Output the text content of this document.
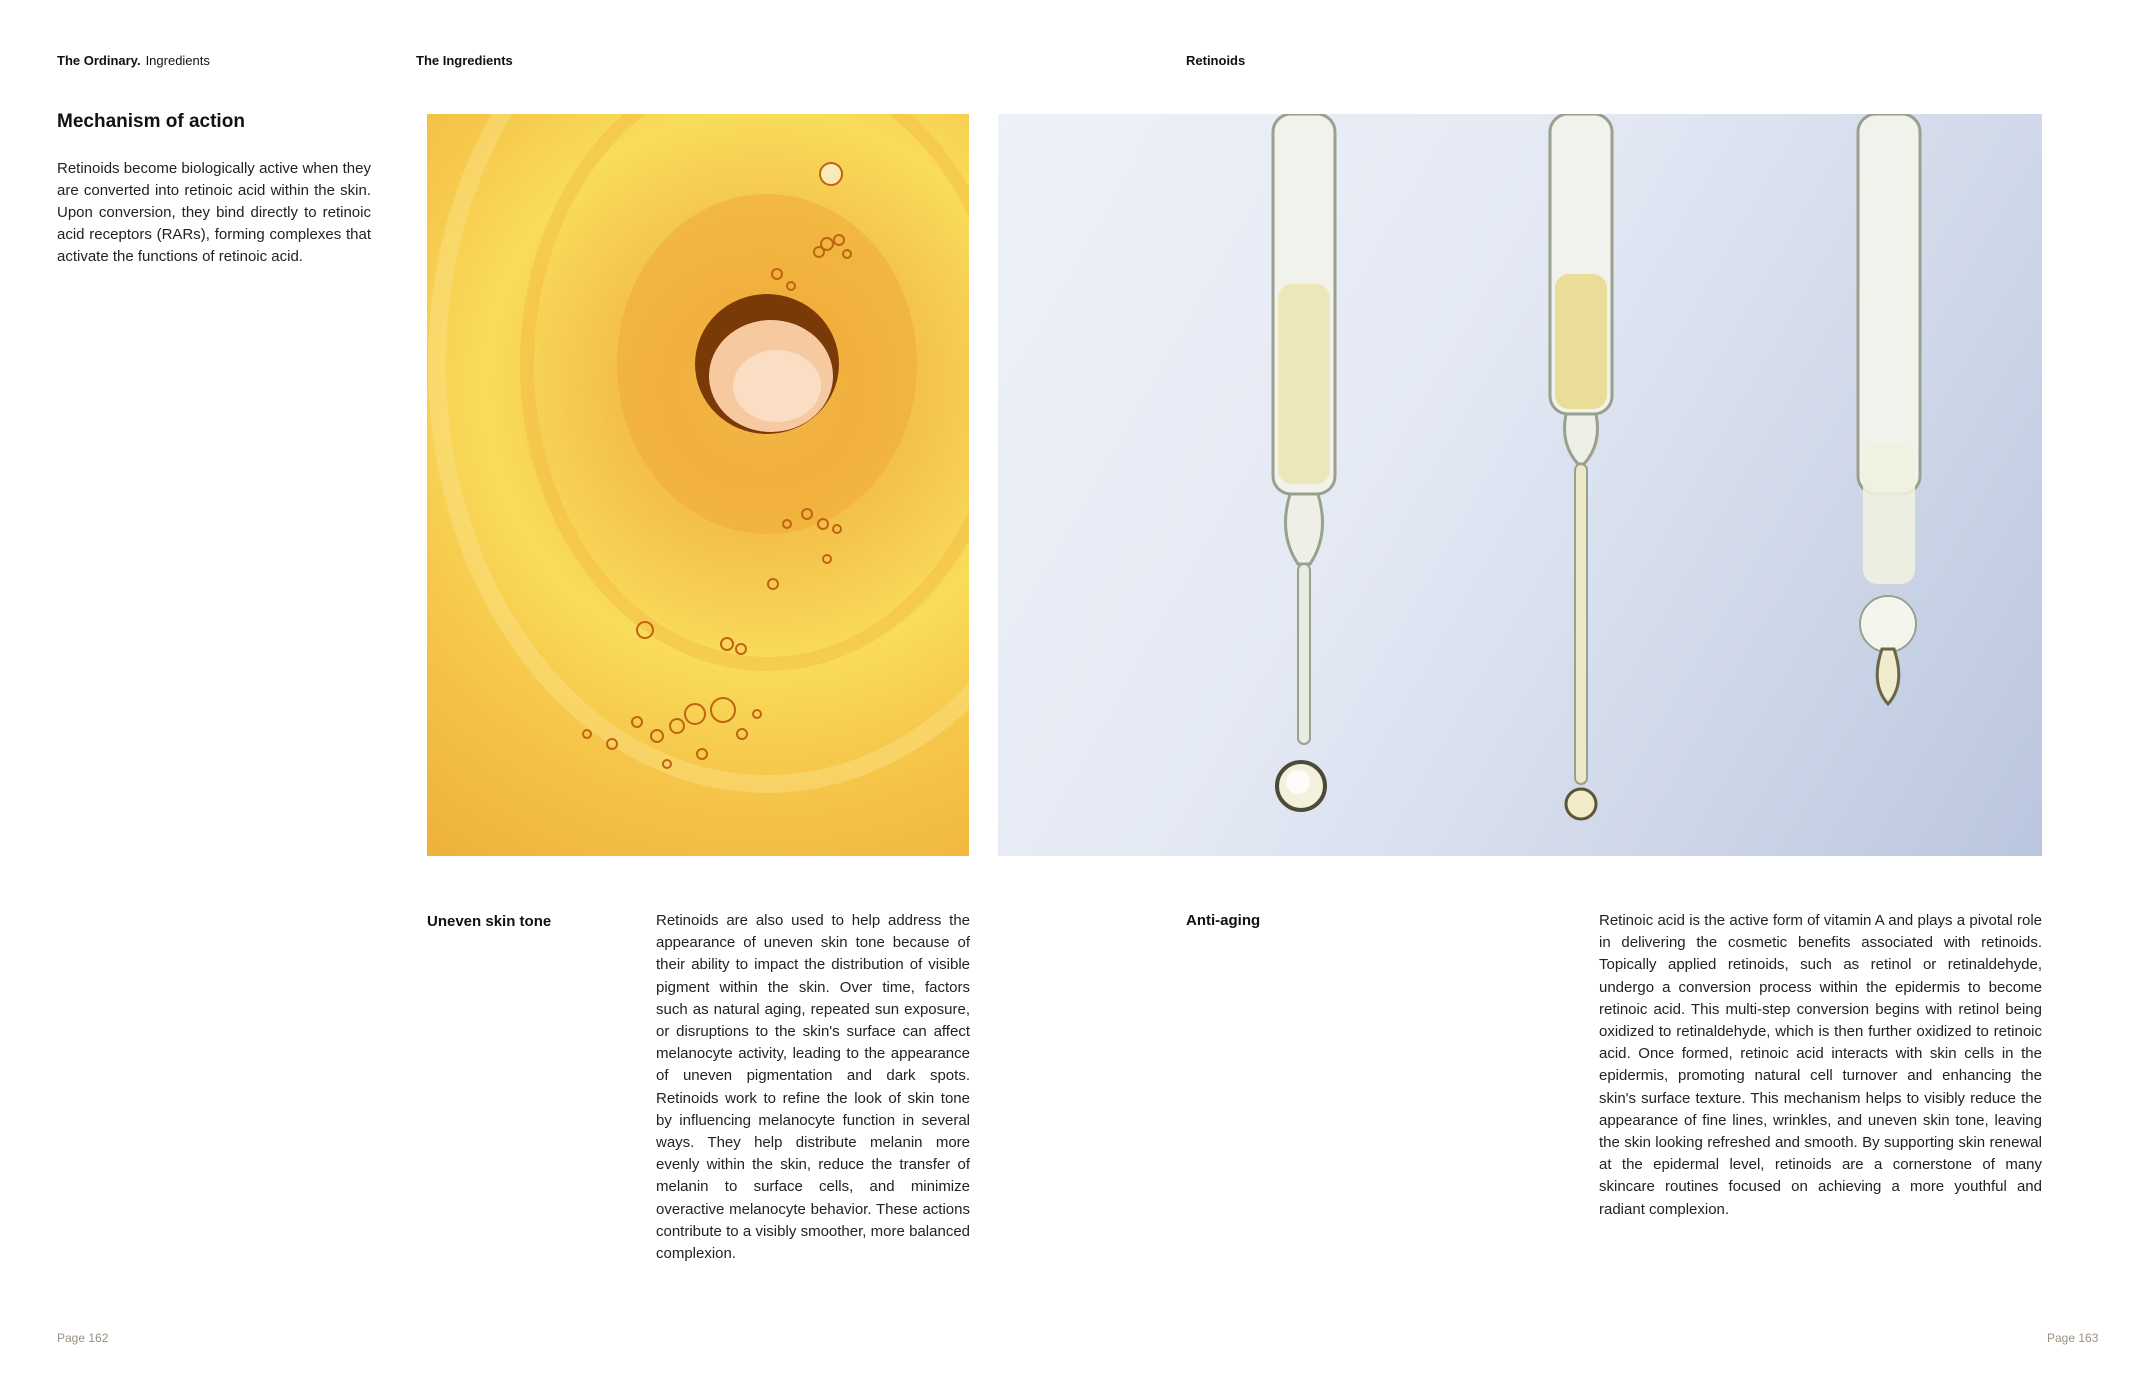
The Ordinary. Ingredients	The Ingredients	Retinoids
Mechanism of action

Retinoids become biologically active when they are converted into retinoic acid within the skin. Upon conversion, they bind directly to retinoic acid receptors (RARs), forming complexes that activate the functions of retinoic acid.

Uneven skin tone	Retinoids are also used to help address the appearance of uneven skin tone because of their ability to impact the distribution of visible pigment within the skin. Over time, factors such as natural aging, repeated sun exposure, or disruptions to the skin's surface can affect melanocyte activity, leading to the appearance of uneven pigmentation and dark spots. Retinoids work to refine the look of skin tone by influencing melanocyte function in several ways. They help distribute melanin more evenly within the skin, reduce the transfer of melanin to surface cells, and minimize overactive melanocyte behavior. These actions contribute to a visibly smoother, more balanced complexion.

Anti-aging	Retinoic acid is the active form of vitamin A and plays a pivotal role in delivering the cosmetic benefits associated with retinoids. Topically applied retinoids, such as retinol or retinaldehyde, undergo a conversion process within the epidermis to become retinoic acid. This multi-step conversion begins with retinol being oxidized to retinaldehyde, which is then further oxidized to retinoic acid. Once formed, retinoic acid interacts with skin cells in the epidermis, promoting natural cell turnover and enhancing the skin's surface texture. This mechanism helps to visibly reduce the appearance of fine lines, wrinkles, and uneven skin tone, leaving the skin looking refreshed and smooth. By supporting skin renewal at the epidermal level, retinoids are a cornerstone of many skincare routines focused on achieving a more youthful and radiant complexion.

Page 162	Page 163
